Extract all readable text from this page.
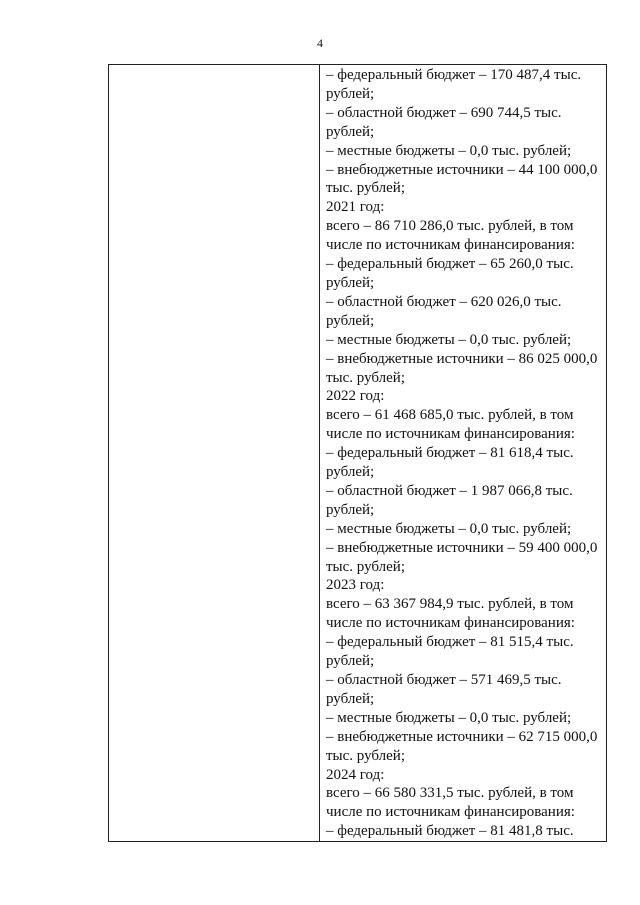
4

– федеральный бюджет – 170 487,4 тыс.
рублей;
– областной бюджет – 690 744,5 тыс.
рублей;
– местные бюджеты – 0,0 тыс. рублей;
– внебюджетные источники – 44 100 000,0
тыс. рублей;
2021 год:
всего – 86 710 286,0 тыс. рублей, в том
числе по источникам финансирования:
– федеральный бюджет – 65 260,0 тыс.
рублей;
– областной бюджет – 620 026,0 тыс.
рублей;
– местные бюджеты – 0,0 тыс. рублей;
– внебюджетные источники – 86 025 000,0
тыс. рублей;
2022 год:
всего – 61 468 685,0 тыс. рублей, в том
числе по источникам финансирования:
– федеральный бюджет – 81 618,4 тыс.
рублей;
– областной бюджет – 1 987 066,8 тыс.
рублей;
– местные бюджеты – 0,0 тыс. рублей;
– внебюджетные источники – 59 400 000,0
тыс. рублей;
2023 год:
всего – 63 367 984,9 тыс. рублей, в том
числе по источникам финансирования:
– федеральный бюджет – 81 515,4 тыс.
рублей;
– областной бюджет – 571 469,5 тыс.
рублей;
– местные бюджеты – 0,0 тыс. рублей;
– внебюджетные источники – 62 715 000,0
тыс. рублей;
2024 год:
всего – 66 580 331,5 тыс. рублей, в том
числе по источникам финансирования:
– федеральный бюджет – 81 481,8 тыс.
